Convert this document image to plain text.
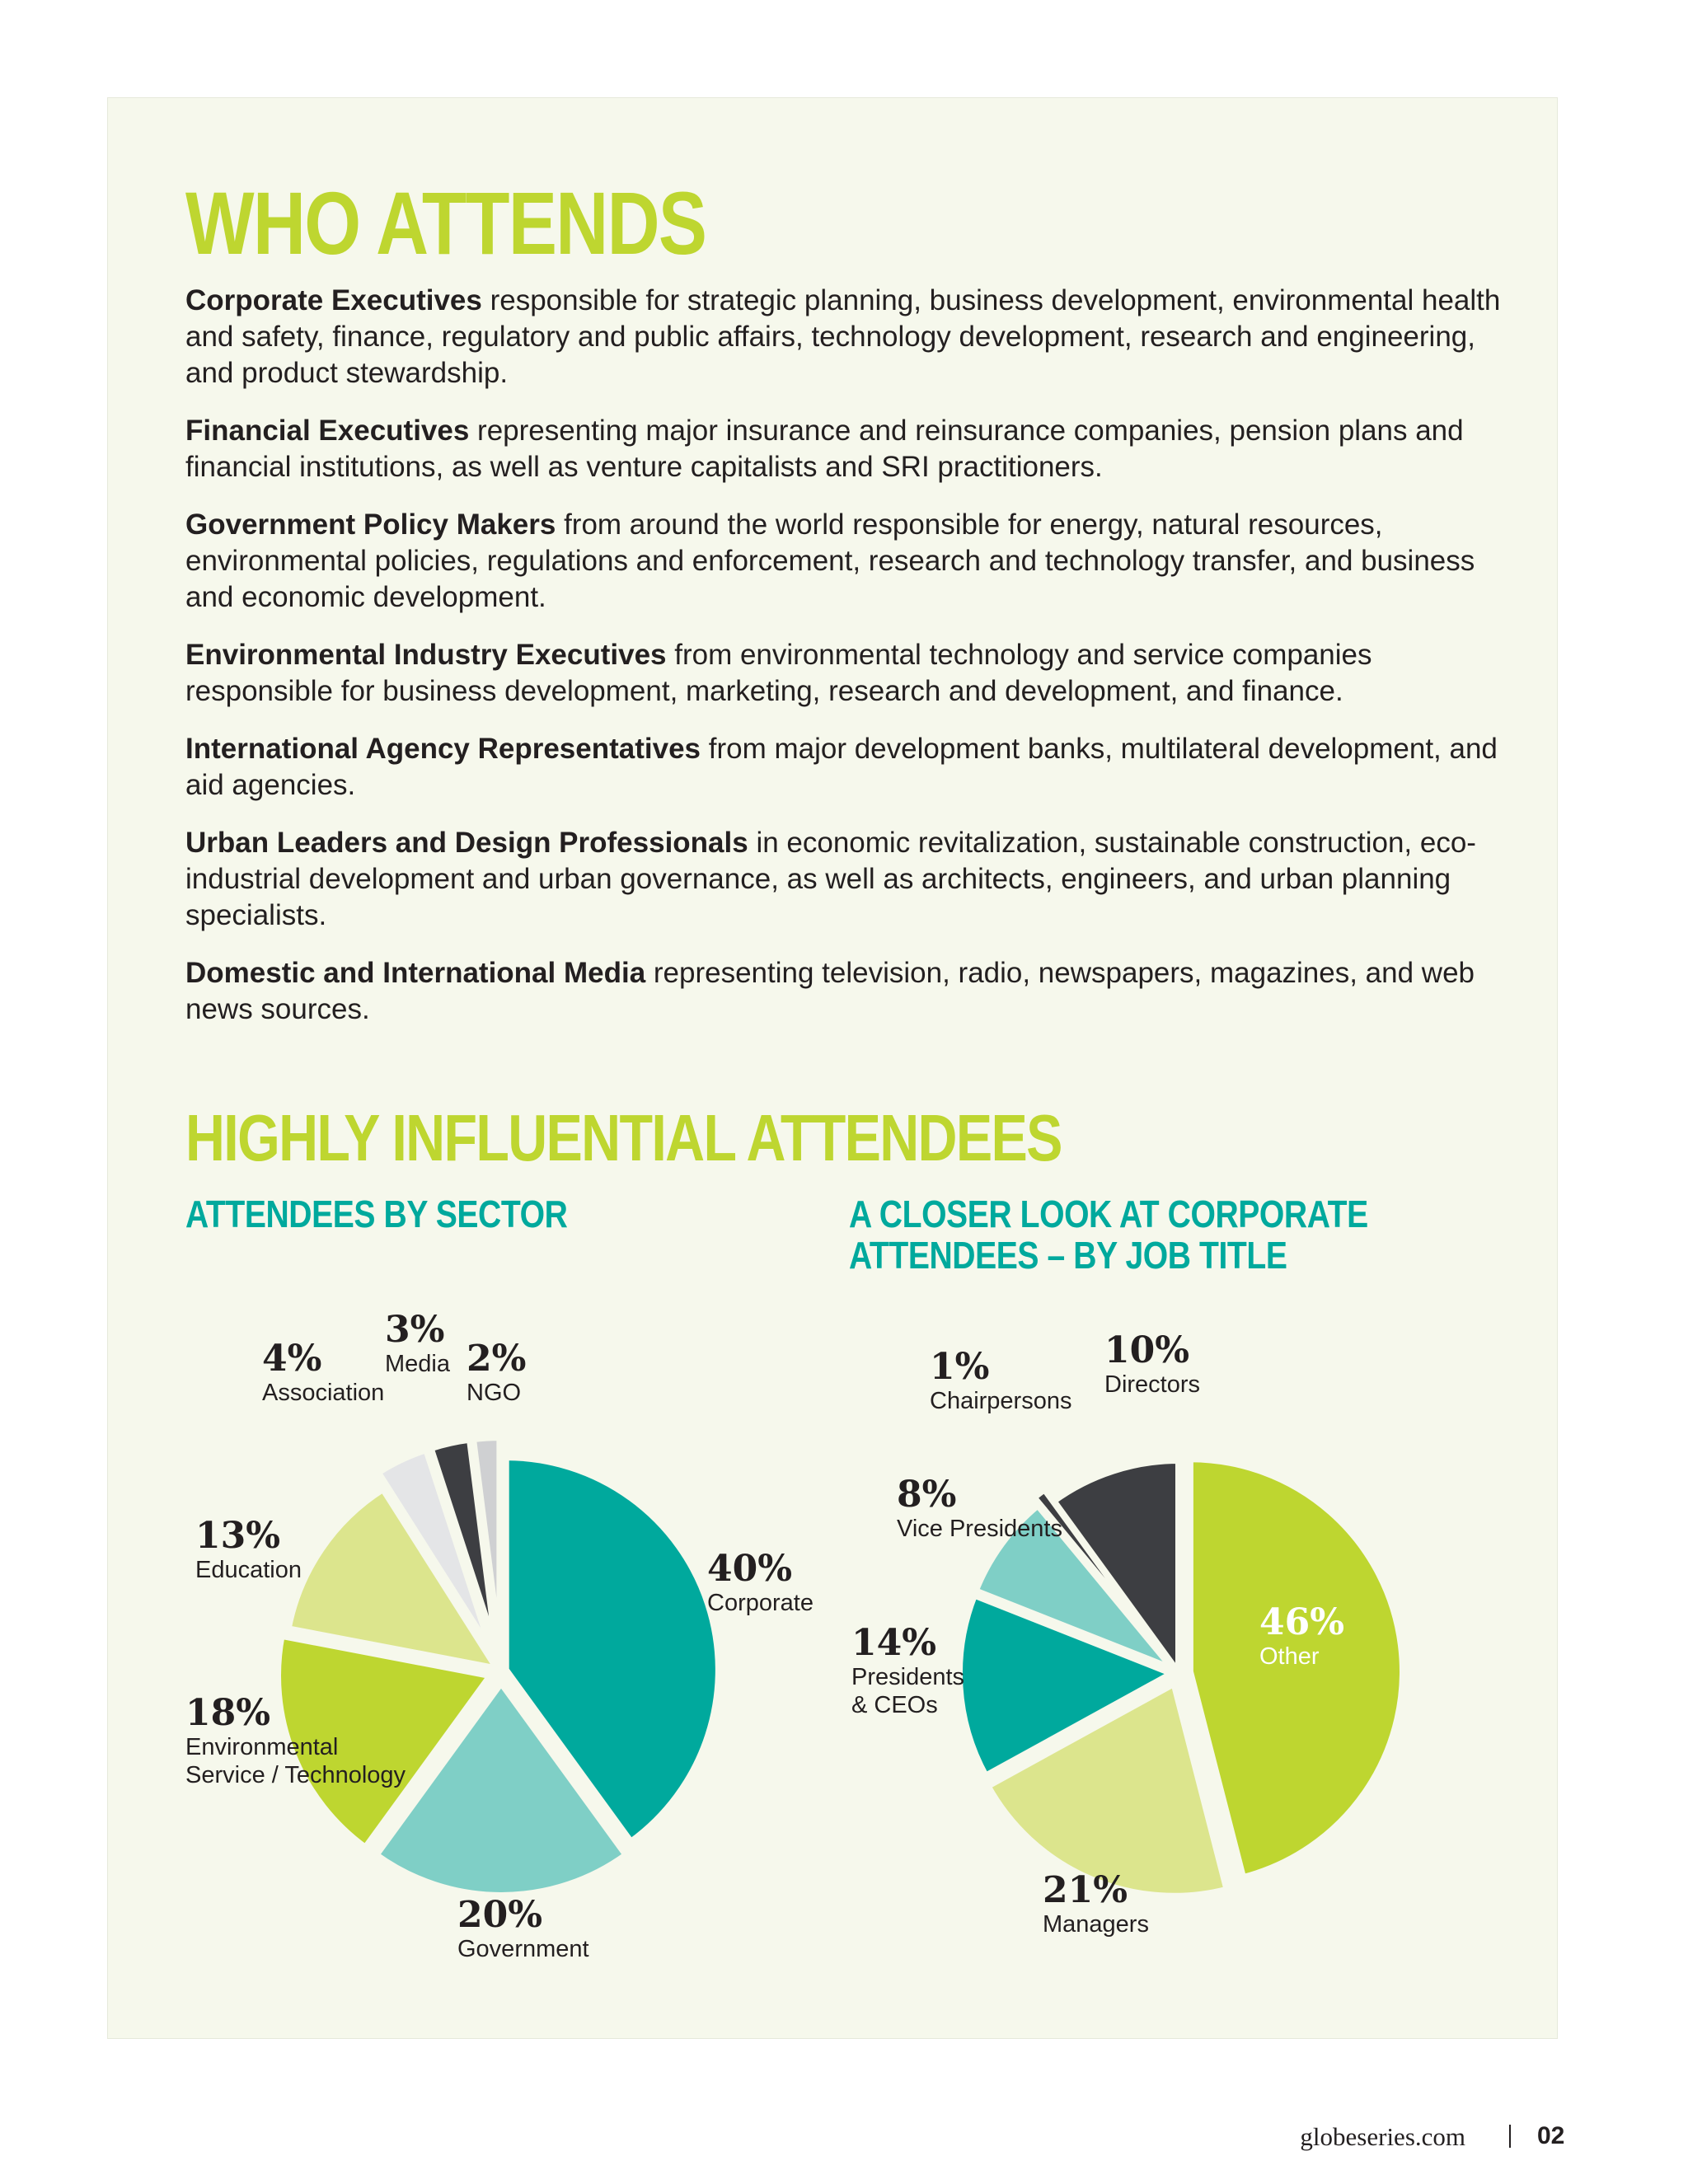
WHO ATTENDS

Corporate Executives responsible for strategic planning, business development, environmental health and safety, finance, regulatory and public affairs, technology development, research and engineering, and product stewardship.

Financial Executives representing major insurance and reinsurance companies, pension plans and financial institutions, as well as venture capitalists and SRI practitioners.

Government Policy Makers from around the world responsible for energy, natural resources, environmental policies, regulations and enforcement, research and technology transfer, and business and economic development.

Environmental Industry Executives from environmental technology and service companies responsible for business development, marketing, research and development, and finance.

International Agency Representatives from major development banks, multilateral development, and aid agencies.

Urban Leaders and Design Professionals in economic revitalization, sustainable construction, eco-industrial development and urban governance, as well as architects, engineers, and urban planning specialists.

Domestic and International Media representing television, radio, newspapers, magazines, and web news sources.

HIGHLY INFLUENTIAL ATTENDEES
ATTENDEES BY SECTOR	A CLOSER LOOK AT CORPORATE
ATTENDEES – BY JOB TITLE
40%
Corporate
20%
Government
18%
Environmental
Service / Technology
13%
Education
4%
Association
3%
Media 2%
NGO
46%
Other
21%
Managers
14%
Presidents
& CEOs
8%
Vice Presidents
1%
Chairpersons
10%
Directors
globeseries.com	02
